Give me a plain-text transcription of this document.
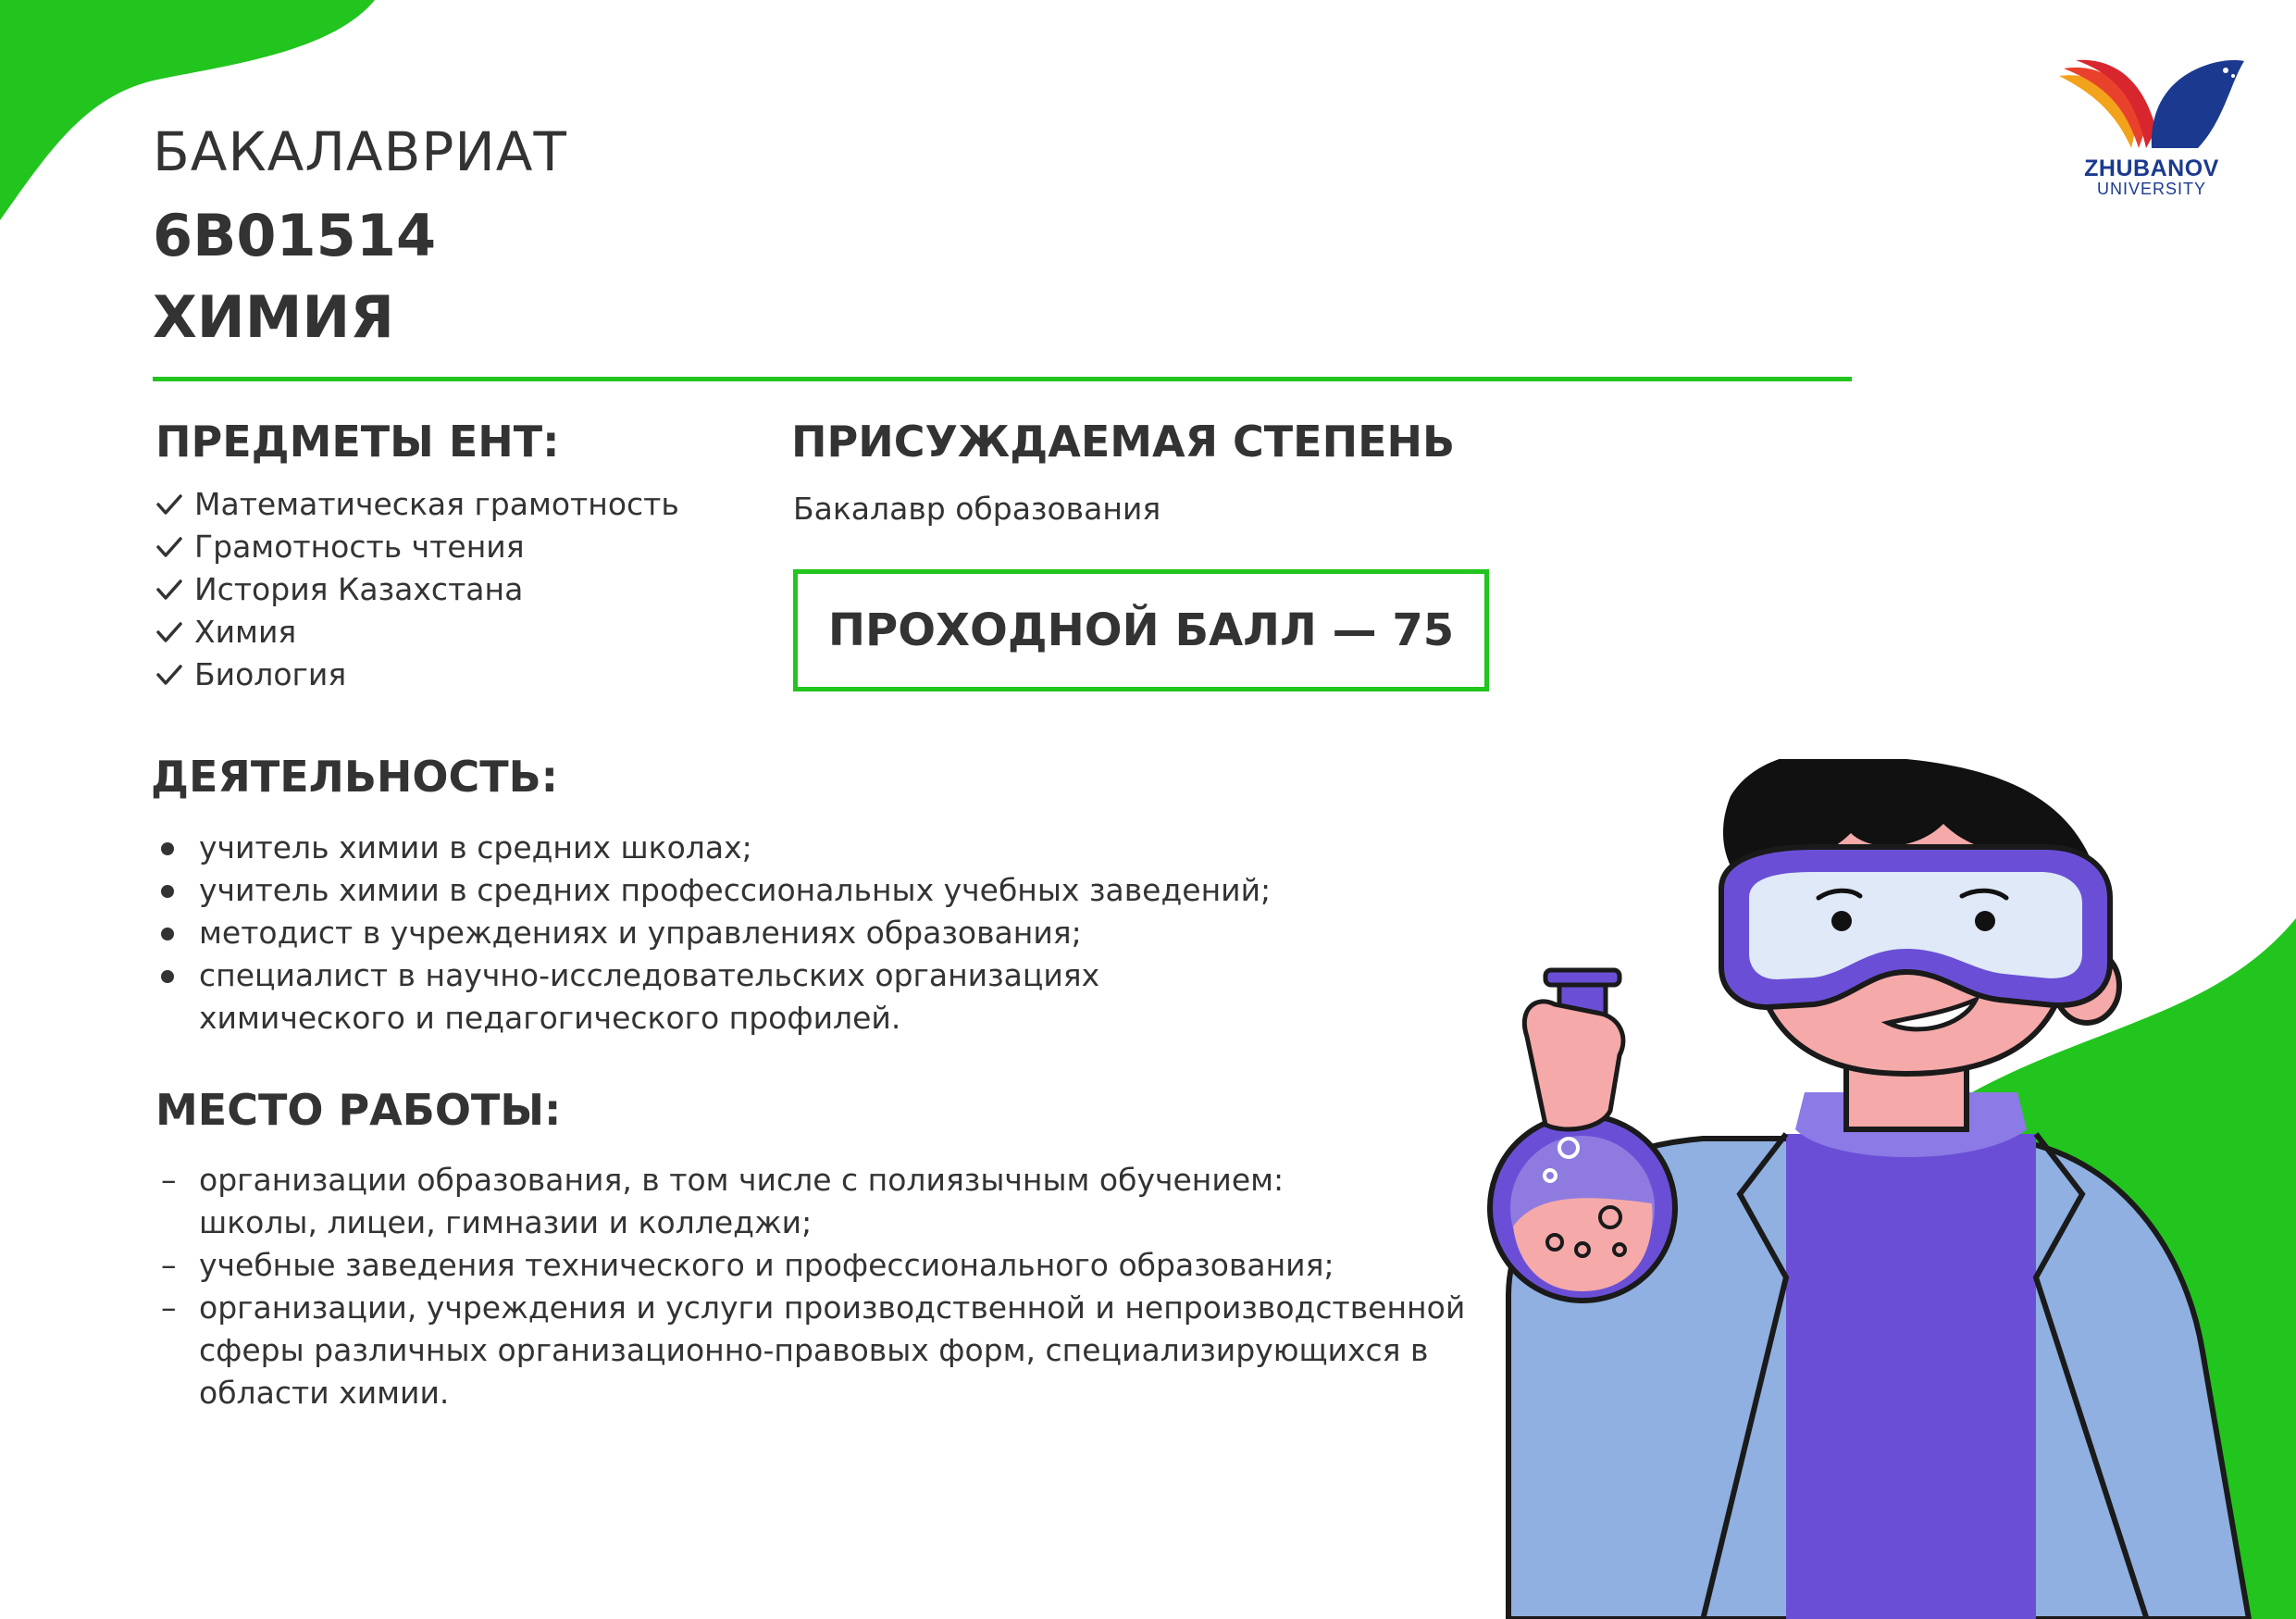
ZHUBANOV
UNIVERSITY
БАКАЛАВРИАТ
6В01514
ХИМИЯ
ПРЕДМЕТЫ ЕНТ:
Математическая грамотность
Грамотность чтения
История Казахстана
Химия
Биология
ПРИСУЖДАЕМАЯ СТЕПЕНЬ
Бакалавр образования
ПРОХОДНОЙ БАЛЛ — 75
ДЕЯТЕЛЬНОСТЬ:
учитель химии в средних школах;
учитель химии в средних профессиональных учебных заведений;
методист в учреждениях и управлениях образования;
специалист в научно-исследовательских организациях химического и педагогического профилей.
МЕСТО РАБОТЫ:
– организации образования, в том числе с полиязычным обучением: школы, лицеи, гимназии и колледжи;
– учебные заведения технического и профессионального образования;
– организации, учреждения и услуги производственной и непроизводственной сферы различных организационно-правовых форм, специализирующихся в области химии.
